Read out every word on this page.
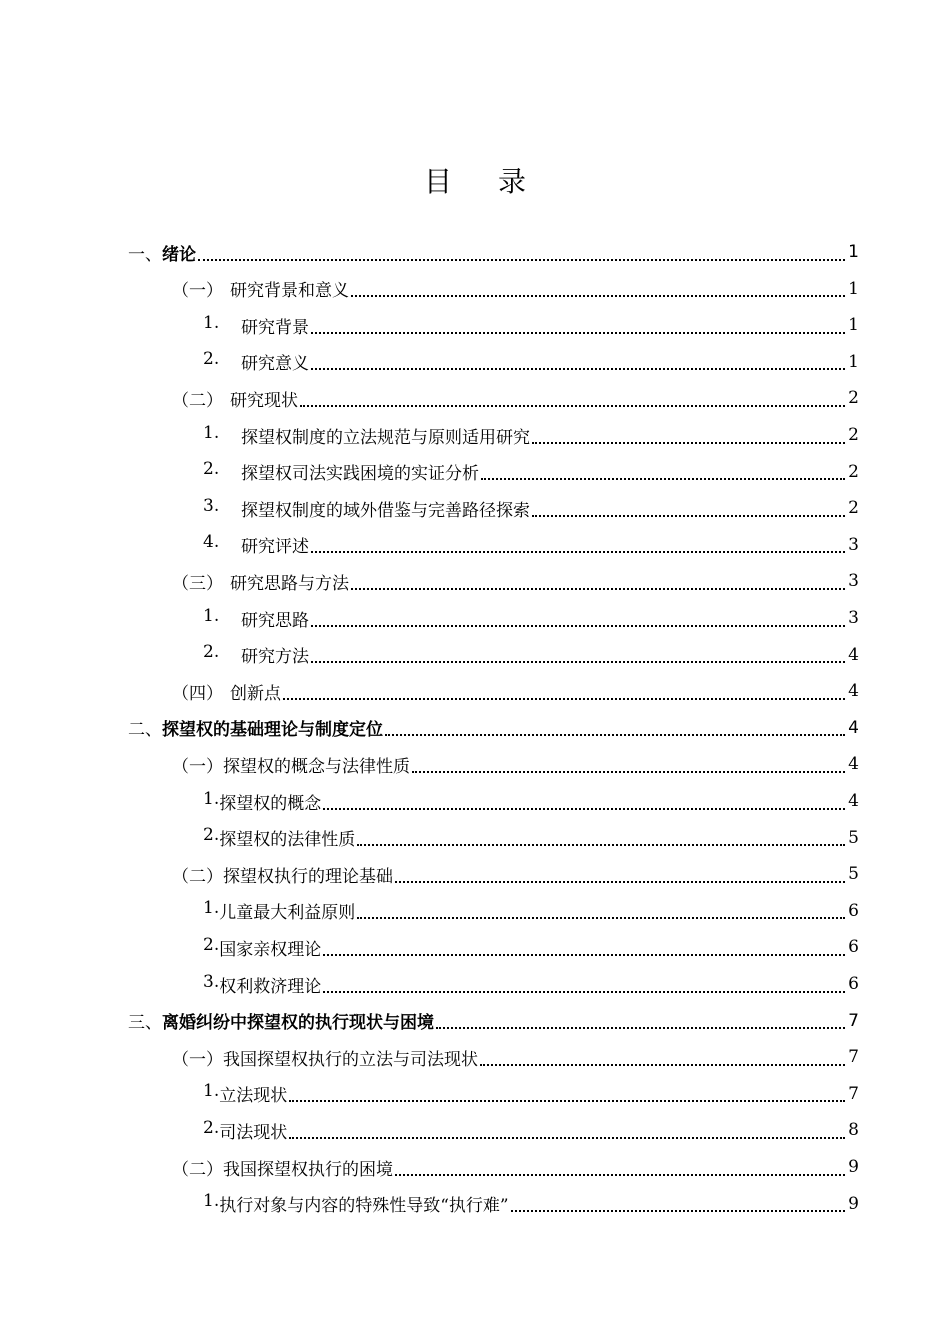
目 录
一、 绪论	1
（一） 研究背景和意义	1
1.	研究背景	1
2.	研究意义	1
（二） 研究现状	2
1.	探望权制度的立法规范与原则适用研究	2
2.	探望权司法实践困境的实证分析	2
3.	探望权制度的域外借鉴与完善路径探索	2
4.	研究评述	3
（三） 研究思路与方法	3
1.	研究思路	3
2.	研究方法	4
（四） 创新点	4
二、 探望权的基础理论与制度定位	4
（一） 探望权的概念与法律性质	4
1. 探望权的概念	4
2. 探望权的法律性质	5
（二） 探望权执行的理论基础	5
1. 儿童最大利益原则	6
2. 国家亲权理论	6
3. 权利救济理论	6
三、 离婚纠纷中探望权的执行现状与困境	7
（一） 我国探望权执行的立法与司法现状	7
1. 立法现状	7
2. 司法现状	8
（二） 我国探望权执行的困境	9
1. 执行对象与内容的特殊性导致“执行难”	9
